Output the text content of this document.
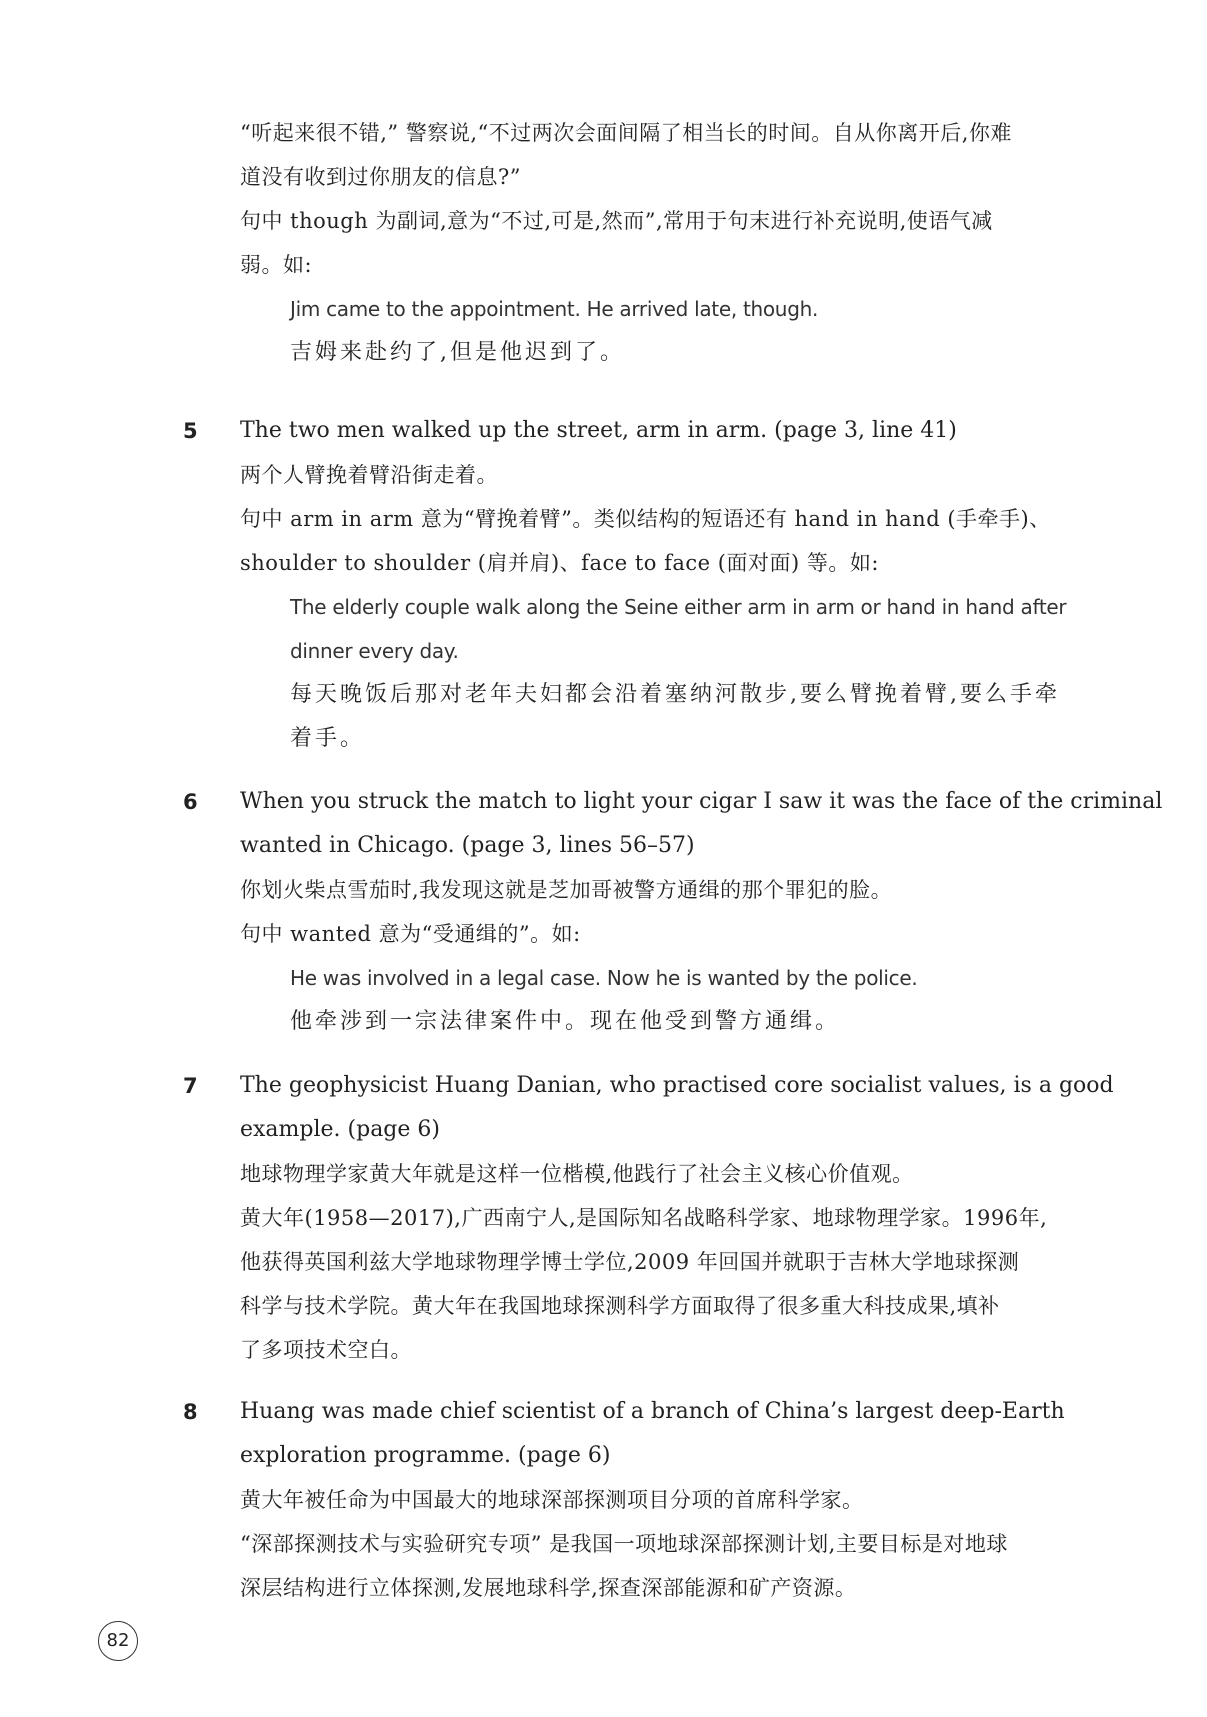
“听起来很不错,” 警察说,“不过两次会面间隔了相当长的时间。自从你离开后,你难
道没有收到过你朋友的信息?”
句中 though 为副词,意为“不过,可是,然而”,常用于句末进行补充说明,使语气减
弱。如:
Jim came to the appointment. He arrived late, though.
吉姆来赴约了,但是他迟到了。
5	The two men walked up the street, arm in arm. (page 3, line 41)
两个人臂挽着臂沿街走着。
句中 arm in arm 意为“臂挽着臂”。类似结构的短语还有 hand in hand (手牵手)、
shoulder to shoulder (肩并肩)、face to face (面对面) 等。如:
The elderly couple walk along the Seine either arm in arm or hand in hand after
dinner every day.
每天晚饭后那对老年夫妇都会沿着塞纳河散步,要么臂挽着臂,要么手牵
着手。
6	When you struck the match to light your cigar I saw it was the face of the criminal
wanted in Chicago. (page 3, lines 56–57)
你划火柴点雪茄时,我发现这就是芝加哥被警方通缉的那个罪犯的脸。
句中 wanted 意为“受通缉的”。如:
He was involved in a legal case. Now he is wanted by the police.
他牵涉到一宗法律案件中。现在他受到警方通缉。
7	The geophysicist Huang Danian, who practised core socialist values, is a good
example. (page 6)
地球物理学家黄大年就是这样一位楷模,他践行了社会主义核心价值观。
黄大年(1958—2017),广西南宁人,是国际知名战略科学家、地球物理学家。1996年,
他获得英国利兹大学地球物理学博士学位,2009 年回国并就职于吉林大学地球探测
科学与技术学院。黄大年在我国地球探测科学方面取得了很多重大科技成果,填补
了多项技术空白。
8	Huang was made chief scientist of a branch of China’s largest deep-Earth
exploration programme. (page 6)
黄大年被任命为中国最大的地球深部探测项目分项的首席科学家。
“深部探测技术与实验研究专项” 是我国一项地球深部探测计划,主要目标是对地球
深层结构进行立体探测,发展地球科学,探查深部能源和矿产资源。
82
